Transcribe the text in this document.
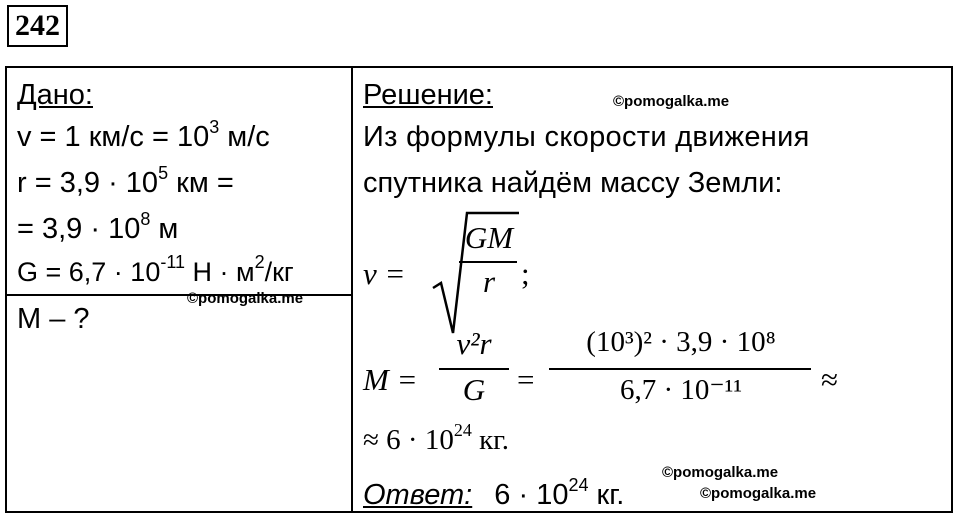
242
Дано:
v = 1 $км/с = 10^3$ м/с
$r = 3,9 \cdot 10^5$ км =
= $3,9 \cdot 10^8$ м
$G = 6,7 \cdot 10^{-11}$ $Н \cdot м^2/кг$
M – ?
©pomogalka.me
Решение:	©pomogalka.me
Из формулы скорости движения
спутника найдём массу Земли:
v =
GM
r ;
M =
v²r
G	=
(10³)² · 3,9 · 10⁸
6,7 · 10⁻¹¹	≈
≈ $6 \cdot 10^{24}$ кг.
©pomogalka.me
Ответ: $6 \cdot 10^{24}$ кг.	©pomogalka.me
